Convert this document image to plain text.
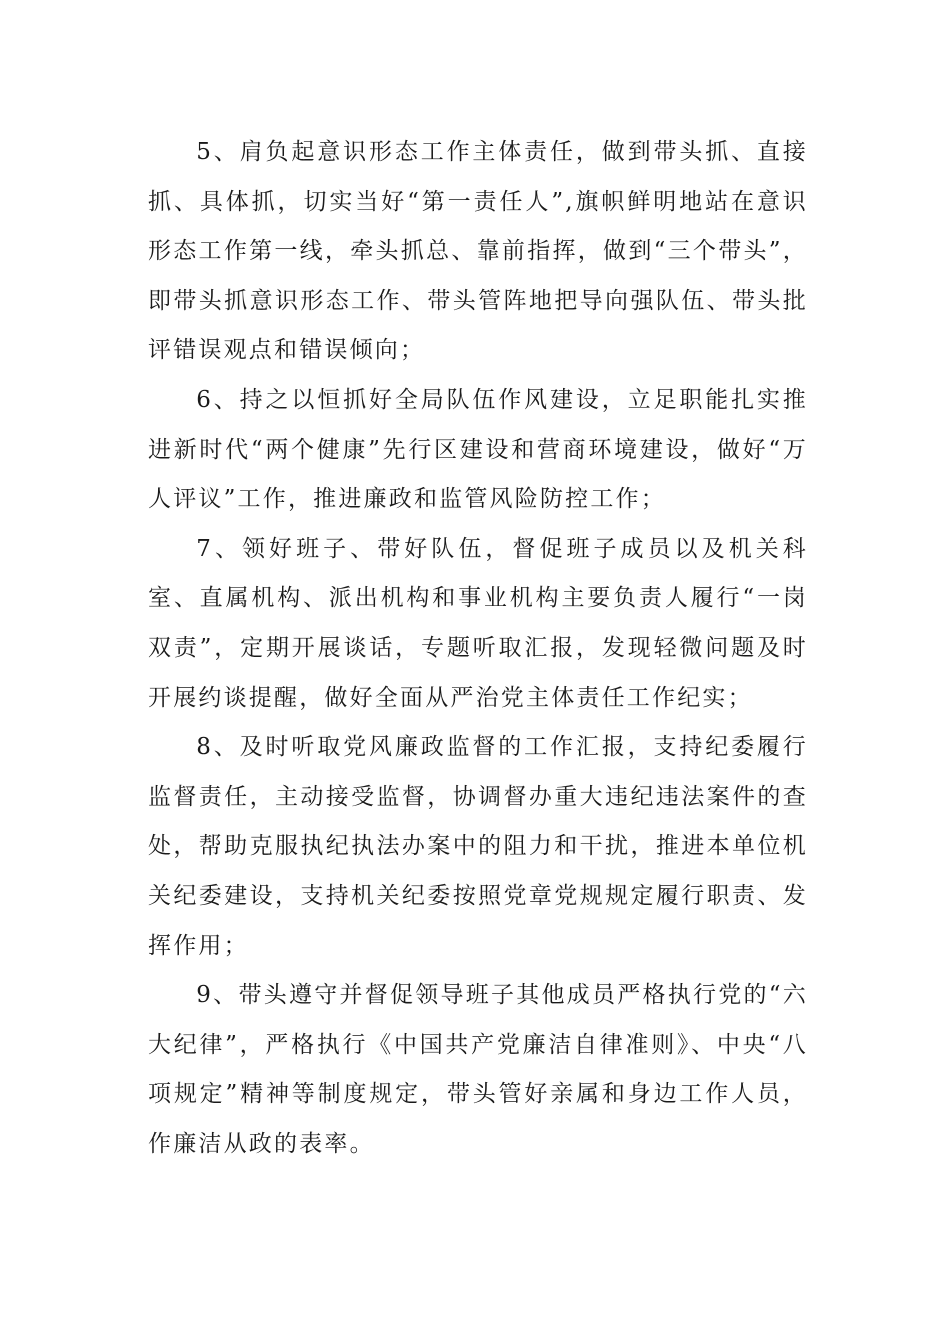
5、肩负起意识形态工作主体责任，做到带头抓、直接抓、具体抓，切实当好“第一责任人”,旗帜鲜明地站在意识形态工作第一线，牵头抓总、靠前指挥，做到“三个带头”，即带头抓意识形态工作、带头管阵地把导向强队伍、带头批评错误观点和错误倾向；

6、持之以恒抓好全局队伍作风建设，立足职能扎实推进新时代“两个健康”先行区建设和营商环境建设，做好“万人评议”工作，推进廉政和监管风险防控工作；

7、领好班子、带好队伍，督促班子成员以及机关科室、直属机构、派出机构和事业机构主要负责人履行“一岗双责”，定期开展谈话，专题听取汇报，发现轻微问题及时开展约谈提醒，做好全面从严治党主体责任工作纪实；

8、及时听取党风廉政监督的工作汇报，支持纪委履行监督责任，主动接受监督，协调督办重大违纪违法案件的查处，帮助克服执纪执法办案中的阻力和干扰，推进本单位机关纪委建设，支持机关纪委按照党章党规规定履行职责、发挥作用；

9、带头遵守并督促领导班子其他成员严格执行党的“六大纪律”，严格执行《中国共产党廉洁自律准则》、中央“八项规定”精神等制度规定，带头管好亲属和身边工作人员，作廉洁从政的表率。
